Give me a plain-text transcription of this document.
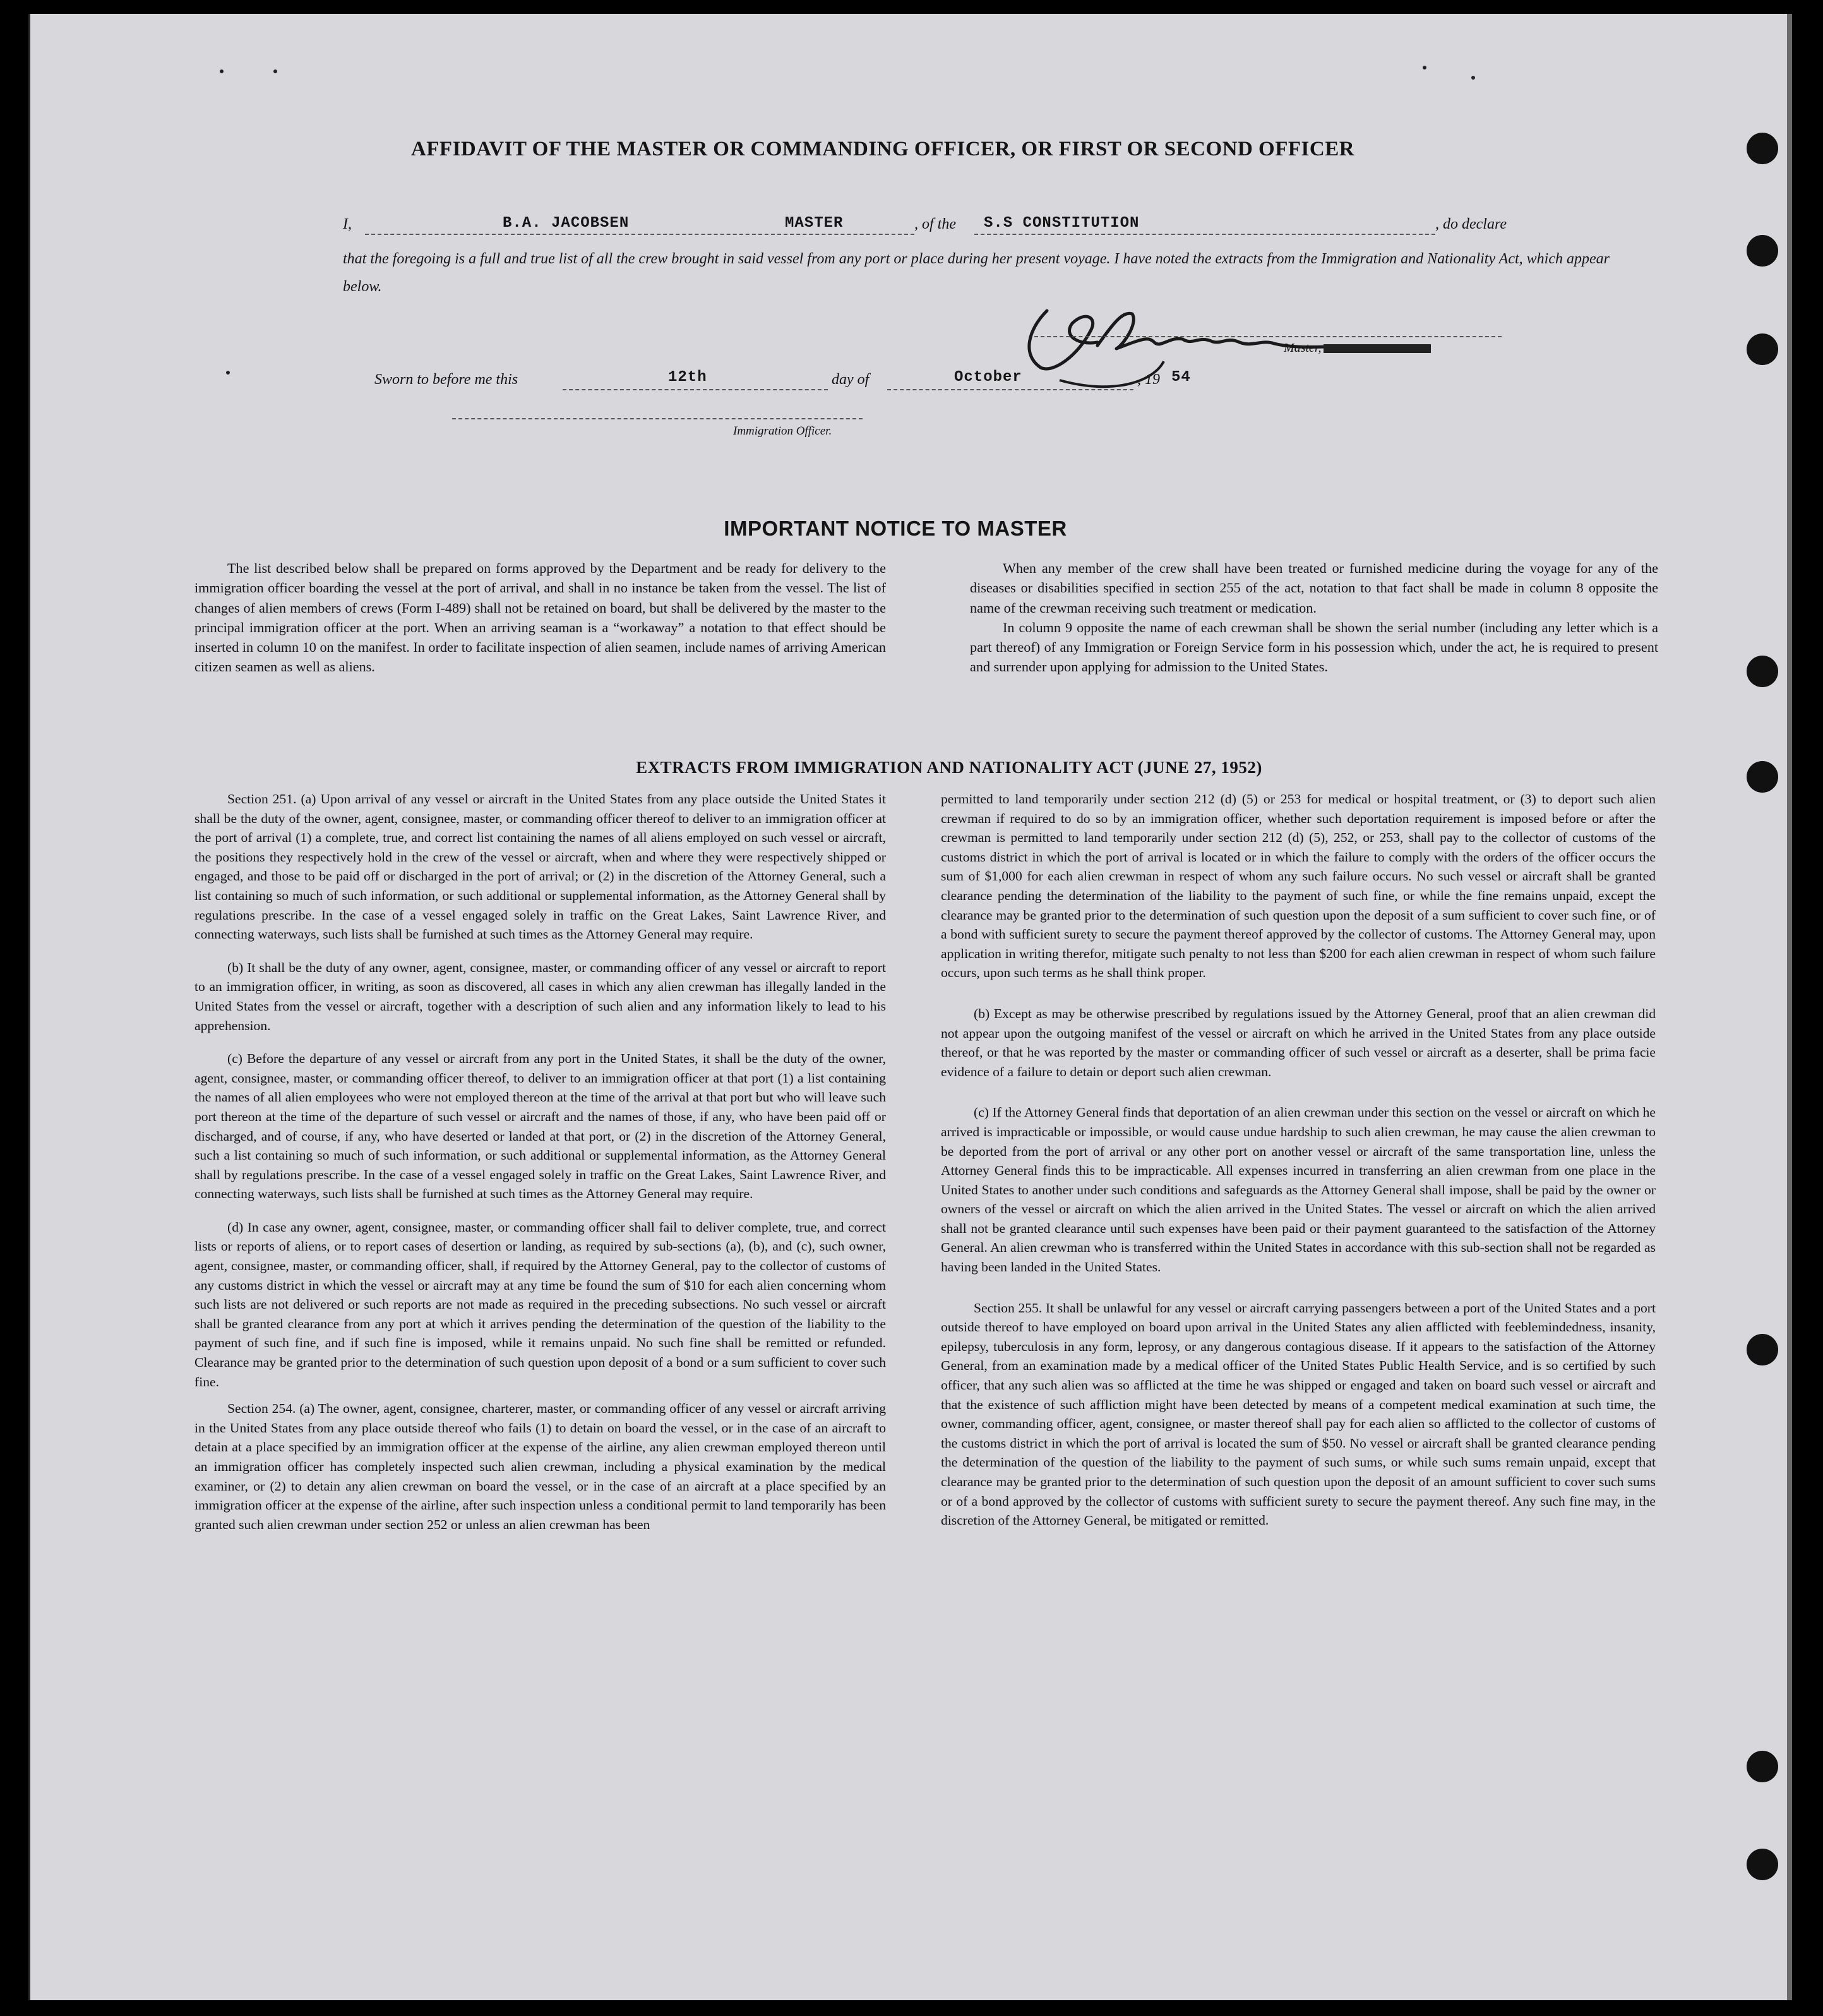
AFFIDAVIT OF THE MASTER OR COMMANDING OFFICER, OR FIRST OR SECOND OFFICER
I,	B.A. JACOBSEN	MASTER	, of the S.S CONSTITUTION	, do declare
that the foregoing is a full and true list of all the crew brought in said vessel from any port or place during her present voyage. I have noted the extracts from the Immigration and Nationality Act, which appear below.
Master,
Sworn to before me this	12th	day of	October	, 19 54
Immigration Officer.
IMPORTANT NOTICE TO MASTER

The list described below shall be prepared on forms approved by the Department and be ready for delivery to the immigration officer boarding the vessel at the port of arrival, and shall in no instance be taken from the vessel. The list of changes of alien members of crews (Form I-489) shall not be retained on board, but shall be delivered by the master to the principal immigration officer at the port. When an arriving seaman is a “workaway” a notation to that effect should be inserted in column 10 on the manifest. In order to facilitate inspection of alien seamen, include names of arriving American citizen seamen as well as aliens.

When any member of the crew shall have been treated or furnished medicine during the voyage for any of the diseases or disabilities specified in section 255 of the act, notation to that fact shall be made in column 8 opposite the name of the crewman receiving such treatment or medication.

In column 9 opposite the name of each crewman shall be shown the serial number (including any letter which is a part thereof) of any Immigration or Foreign Service form in his possession which, under the act, he is required to present and surrender upon applying for admission to the United States.

EXTRACTS FROM IMMIGRATION AND NATIONALITY ACT (JUNE 27, 1952)

Section 251. (a) Upon arrival of any vessel or aircraft in the United States from any place outside the United States it shall be the duty of the owner, agent, consignee, master, or commanding officer thereof to deliver to an immigration officer at the port of arrival (1) a complete, true, and correct list containing the names of all aliens employed on such vessel or aircraft, the positions they respectively hold in the crew of the vessel or aircraft, when and where they were respectively shipped or engaged, and those to be paid off or discharged in the port of arrival; or (2) in the discretion of the Attorney General, such a list containing so much of such information, or such additional or supplemental information, as the Attorney General shall by regulations prescribe. In the case of a vessel engaged solely in traffic on the Great Lakes, Saint Lawrence River, and connecting waterways, such lists shall be furnished at such times as the Attorney General may require.

(b) It shall be the duty of any owner, agent, consignee, master, or commanding officer of any vessel or aircraft to report to an immigration officer, in writing, as soon as discovered, all cases in which any alien crewman has illegally landed in the United States from the vessel or aircraft, together with a description of such alien and any information likely to lead to his apprehension.

(c) Before the departure of any vessel or aircraft from any port in the United States, it shall be the duty of the owner, agent, consignee, master, or commanding officer thereof, to deliver to an immigration officer at that port (1) a list containing the names of all alien employees who were not employed thereon at the time of the arrival at that port but who will leave such port thereon at the time of the departure of such vessel or aircraft and the names of those, if any, who have been paid off or discharged, and of course, if any, who have deserted or landed at that port, or (2) in the discretion of the Attorney General, such a list containing so much of such information, or such additional or supplemental information, as the Attorney General shall by regulations prescribe. In the case of a vessel engaged solely in traffic on the Great Lakes, Saint Lawrence River, and connecting waterways, such lists shall be furnished at such times as the Attorney General may require.

(d) In case any owner, agent, consignee, master, or commanding officer shall fail to deliver complete, true, and correct lists or reports of aliens, or to report cases of desertion or landing, as required by sub-sections (a), (b), and (c), such owner, agent, consignee, master, or commanding officer, shall, if required by the Attorney General, pay to the collector of customs of any customs district in which the vessel or aircraft may at any time be found the sum of $10 for each alien concerning whom such lists are not delivered or such reports are not made as required in the preceding subsections. No such vessel or aircraft shall be granted clearance from any port at which it arrives pending the determination of the question of the liability to the payment of such fine, and if such fine is imposed, while it remains unpaid. No such fine shall be remitted or refunded. Clearance may be granted prior to the determination of such question upon deposit of a bond or a sum sufficient to cover such fine.

Section 254. (a) The owner, agent, consignee, charterer, master, or commanding officer of any vessel or aircraft arriving in the United States from any place outside thereof who fails (1) to detain on board the vessel, or in the case of an aircraft to detain at a place specified by an immigration officer at the expense of the airline, any alien crewman employed thereon until an immigration officer has completely inspected such alien crewman, including a physical examination by the medical examiner, or (2) to detain any alien crewman on board the vessel, or in the case of an aircraft at a place specified by an immigration officer at the expense of the airline, after such inspection unless a conditional permit to land temporarily has been granted such alien crewman under section 252 or unless an alien crewman has been

permitted to land temporarily under section 212 (d) (5) or 253 for medical or hospital treatment, or (3) to deport such alien crewman if required to do so by an immigration officer, whether such deportation requirement is imposed before or after the crewman is permitted to land temporarily under section 212 (d) (5), 252, or 253, shall pay to the collector of customs of the customs district in which the port of arrival is located or in which the failure to comply with the orders of the officer occurs the sum of $1,000 for each alien crewman in respect of whom any such failure occurs. No such vessel or aircraft shall be granted clearance pending the determination of the liability to the payment of such fine, or while the fine remains unpaid, except the clearance may be granted prior to the determination of such question upon the deposit of a sum sufficient to cover such fine, or of a bond with sufficient surety to secure the payment thereof approved by the collector of customs. The Attorney General may, upon application in writing therefor, mitigate such penalty to not less than $200 for each alien crewman in respect of whom such failure occurs, upon such terms as he shall think proper.

(b) Except as may be otherwise prescribed by regulations issued by the Attorney General, proof that an alien crewman did not appear upon the outgoing manifest of the vessel or aircraft on which he arrived in the United States from any place outside thereof, or that he was reported by the master or commanding officer of such vessel or aircraft as a deserter, shall be prima facie evidence of a failure to detain or deport such alien crewman.

(c) If the Attorney General finds that deportation of an alien crewman under this section on the vessel or aircraft on which he arrived is impracticable or impossible, or would cause undue hardship to such alien crewman, he may cause the alien crewman to be deported from the port of arrival or any other port on another vessel or aircraft of the same transportation line, unless the Attorney General finds this to be impracticable. All expenses incurred in transferring an alien crewman from one place in the United States to another under such conditions and safeguards as the Attorney General shall impose, shall be paid by the owner or owners of the vessel or aircraft on which the alien arrived in the United States. The vessel or aircraft on which the alien arrived shall not be granted clearance until such expenses have been paid or their payment guaranteed to the satisfaction of the Attorney General. An alien crewman who is transferred within the United States in accordance with this sub-section shall not be regarded as having been landed in the United States.

Section 255. It shall be unlawful for any vessel or aircraft carrying passengers between a port of the United States and a port outside thereof to have employed on board upon arrival in the United States any alien afflicted with feeblemindedness, insanity, epilepsy, tuberculosis in any form, leprosy, or any dangerous contagious disease. If it appears to the satisfaction of the Attorney General, from an examination made by a medical officer of the United States Public Health Service, and is so certified by such officer, that any such alien was so afflicted at the time he was shipped or engaged and taken on board such vessel or aircraft and that the existence of such affliction might have been detected by means of a competent medical examination at such time, the owner, commanding officer, agent, consignee, or master thereof shall pay for each alien so afflicted to the collector of customs of the customs district in which the port of arrival is located the sum of $50. No vessel or aircraft shall be granted clearance pending the determination of the question of the liability to the payment of such sums, or while such sums remain unpaid, except that clearance may be granted prior to the determination of such question upon the deposit of an amount sufficient to cover such sums or of a bond approved by the collector of customs with sufficient surety to secure the payment thereof. Any such fine may, in the discretion of the Attorney General, be mitigated or remitted.
